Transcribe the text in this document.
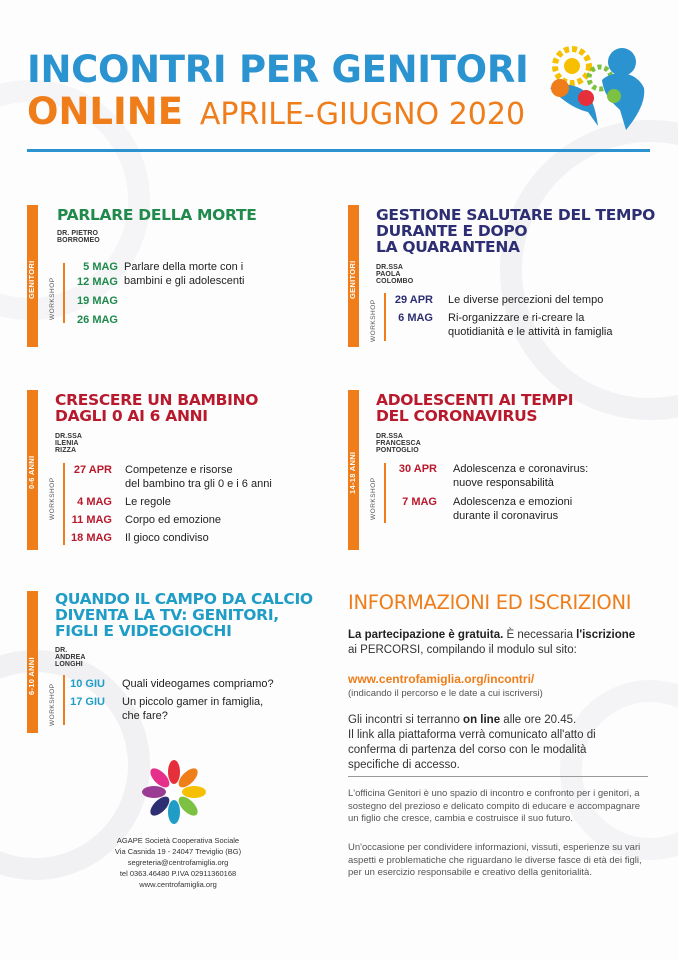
INCONTRI PER GENITORI
ONLINE APRILE-GIUGNO 2020
GENITORI
PARLARE DELLA MORTE
DR. PIETRO BORROMEO
WORKSHOP
5 MAG Parlare della morte con i
bambini e gli adolescenti
12 MAG
19 MAG
26 MAG
GENITORI
GESTIONE SALUTARE DEL TEMPO
DURANTE E DOPO
LA QUARANTENA
DR.SSA PAOLA COLOMBO
WORKSHOP	29 APR Le diverse percezioni del tempo
6 MAG Ri-organizzare e ri-creare la
quotidianità e le attività in famiglia
0-6 ANNI
CRESCERE UN BAMBINO
DAGLI 0 AI 6 ANNI
DR.SSA ILENIA RIZZA
WORKSHOP
27 APR Competenze e risorse
del bambino tra gli 0 e i 6 anni
4 MAG Le regole
11 MAG Corpo ed emozione
18 MAG Il gioco condiviso
14-18 ANNI
ADOLESCENTI AI TEMPI
DEL CORONAVIRUS
DR.SSA FRANCESCA PONTOGLIO
WORKSHOP
30 APR Adolescenza e coronavirus:
nuove responsabilità
7 MAG Adolescenza e emozioni
durante il coronavirus
6-10 ANNI
QUANDO IL CAMPO DA CALCIO
DIVENTA LA TV: GENITORI,
FIGLI E VIDEOGIOCHI
DR. ANDREA LONGHI
WORKSHOP 10 GIU Quali videogames compriamo?
17 GIU Un piccolo gamer in famiglia,
che fare?
INFORMAZIONI ED ISCRIZIONI
La partecipazione è gratuita. È necessaria l'iscrizione
ai PERCORSI, compilando il modulo sul sito:
www.centrofamiglia.org/incontri/
(indicando il percorso e le date a cui iscriversi)
Gli incontri si terranno on line alle ore 20.45.
Il link alla piattaforma verrà comunicato all'atto di
conferma di partenza del corso con le modalità
specifiche di accesso.
L'officina Genitori è uno spazio di incontro e confronto per i genitori, a sostegno del prezioso e delicato compito di educare e accompagnare un figlio che cresce, cambia e costruisce il suo futuro.
Un'occasione per condividere informazioni, vissuti, esperienze su vari aspetti e problematiche che riguardano le diverse fasce di età dei figli, per un esercizio responsabile e creativo della genitorialità.
AGAPE Società Cooperativa Sociale
Via Casnida 19 - 24047 Treviglio (BG)
segreteria@centrofamiglia.org
tel 0363.46480 P.IVA 02911360168
www.centrofamiglia.org
